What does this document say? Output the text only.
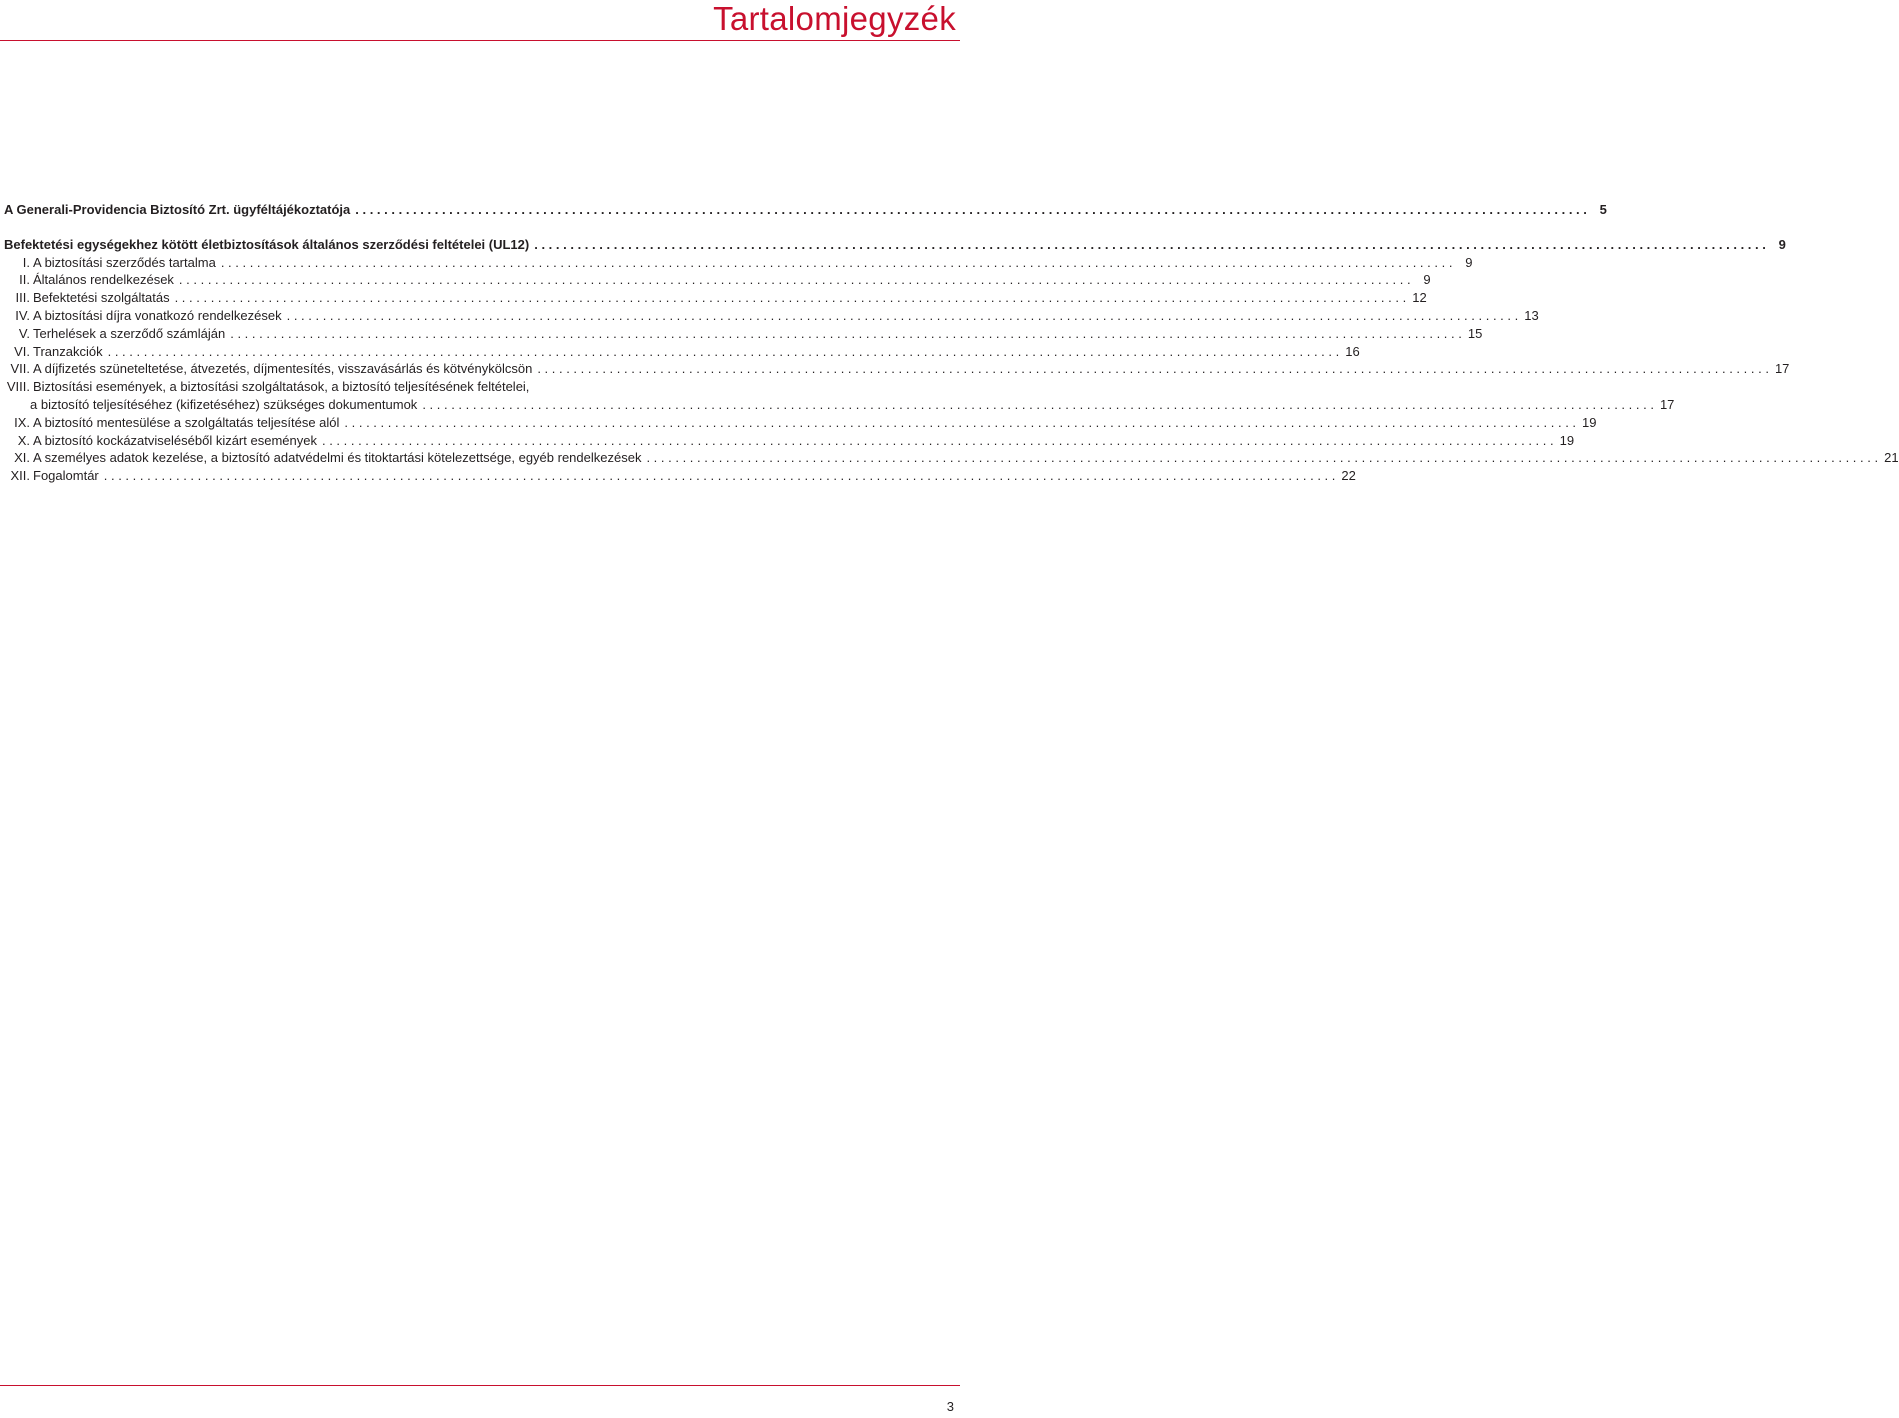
Tartalomjegyzék
A Generali-Providencia Biztosító Zrt. ügyféltájékoztatója . . .	5
Befektetési egységekhez kötött életbiztosítások általános szerződési feltételei (UL12) . . .	9
I. A biztosítási szerződés tartalma . . .	9
II. Általános rendelkezések . . .	9
III. Befektetési szolgáltatás . . .	12
IV. A biztosítási díjra vonatkozó rendelkezések . . .	13
V. Terhelések a szerződő számláján . . .	15
VI. Tranzakciók . . .	16
VII. A díjfizetés szüneteltetése, átvezetés, díjmentesítés, visszavásárlás és kötvénykölcsön . . .	17
VIII. Biztosítási események, a biztosítási szolgáltatások, a biztosító teljesítésének feltételei,
a biztosító teljesítéséhez (kifizetéséhez) szükséges dokumentumok . . .	17
IX. A biztosító mentesülése a szolgáltatás teljesítése alól . . .	19
X. A biztosító kockázatviseléséből kizárt események . . .	19
XI. A személyes adatok kezelése, a biztosító adatvédelmi és titoktartási kötelezettsége, egyéb rendelkezések . . .	21
XII. Fogalomtár . . .	22
3
